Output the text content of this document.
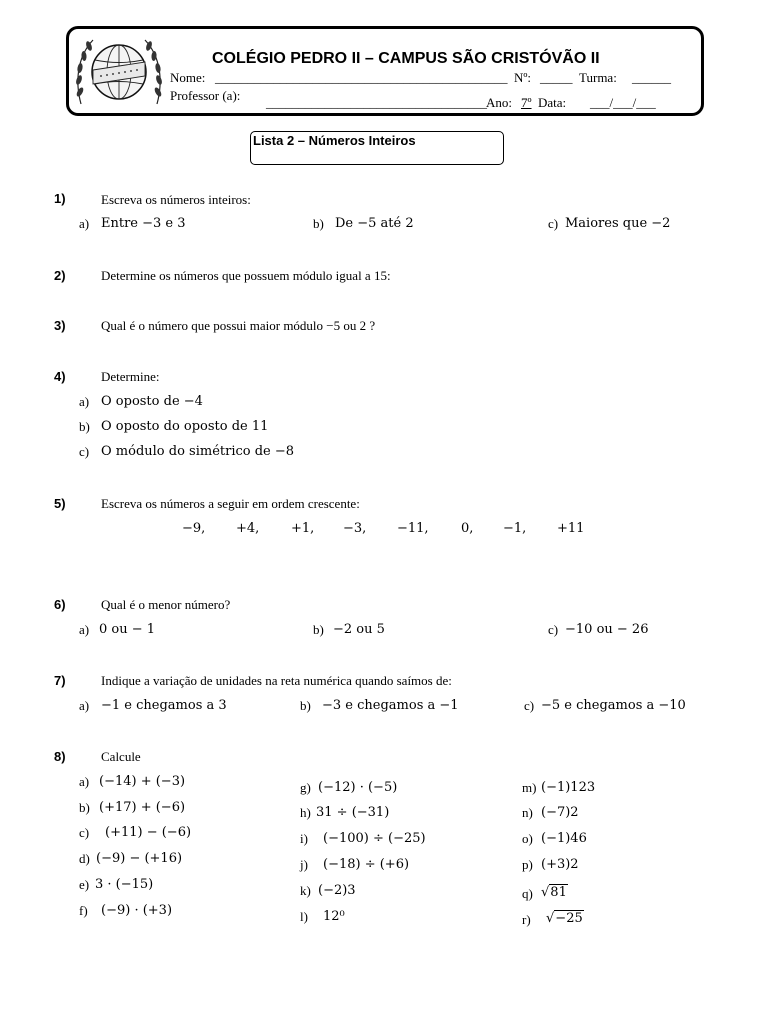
COLÉGIO PEDRO II – CAMPUS SÃO CRISTÓVÃO II
Nome: _____________________________________________ Nº: _____ Turma: ______
Professor (a): __________________________________ Ano: 7º Data: ___/___/___
Lista 2 – Números Inteiros
1)	Escreva os números inteiros:
a) Entre −3 e 3	b) De −5 até 2	c) Maiores que −2
2)	Determine os números que possuem módulo igual a 15:
3)	Qual é o número que possui maior módulo −5 ou 2 ?
4)	Determine:
a) O oposto de −4
b) O oposto do oposto de 11
c) O módulo do simétrico de −8
5)	Escreva os números a seguir em ordem crescente:
−9, +4, +1, −3, −11, 0, −1, +11
6)	Qual é o menor número?
a) 0 ou − 1	b) −2 ou 5	c) −10 ou − 26
7)	Indique a variação de unidades na reta numérica quando saímos de:
a) −1 e chegamos a 3	b) −3 e chegamos a −1	c) −5 e chegamos a −10
8)	Calcule
a) (−14) + (−3)
b) (+17) + (−6)
c) (+11) − (−6)
d) (−9) − (+16)
e) 3 · (−15)
f) (−9) · (+3)
g) (−12) · (−5)
h) 31 ÷ (−31)
i) (−100) ÷ (−25)
j) (−18) ÷ (+6)
k) (−2)3
l) 12⁰
m) (−1)123
n) (−7)2
o) (−1)46
p) (+3)2
q) √81
r) √−25
